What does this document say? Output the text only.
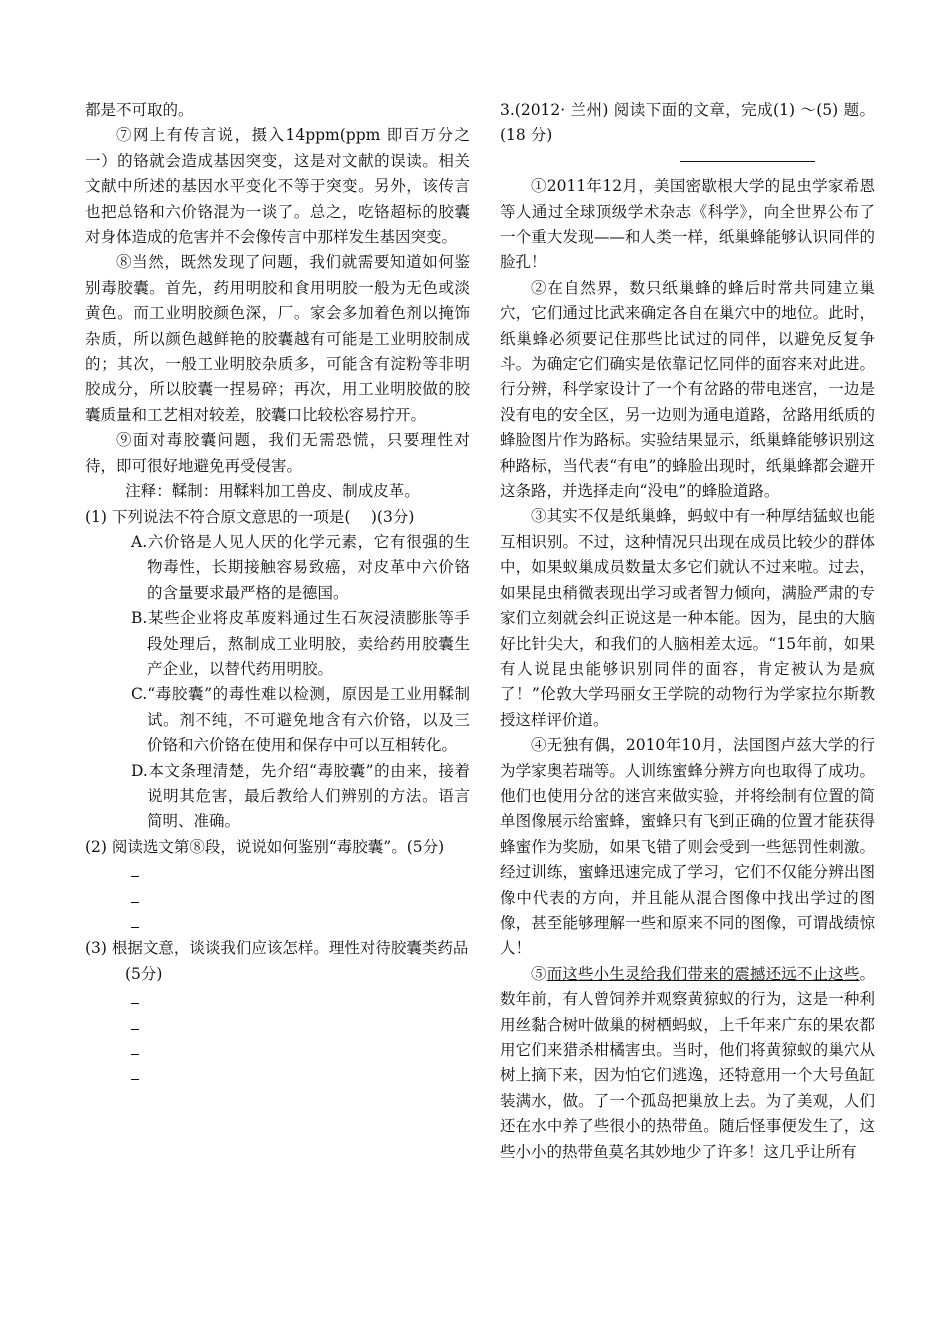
都是不可取的。

⑦网上有传言说，摄入14ppm(ppm 即百万分之一）的铬就会造成基因突变，这是对文献的误读。相关文献中所述的基因水平变化不等于突变。另外，该传言也把总铬和六价铬混为一谈了。总之，吃铬超标的胶囊对身体造成的危害并不会像传言中那样发生基因突变。

⑧当然，既然发现了问题，我们就需要知道如何鉴别毒胶囊。首先，药用明胶和食用明胶一般为无色或淡黄色。而工业明胶颜色深，厂。家会多加着色剂以掩饰杂质，所以颜色越鲜艳的胶囊越有可能是工业明胶制成的；其次，一般工业明胶杂质多，可能含有淀粉等非明胶成分，所以胶囊一捏易碎；再次，用工业明胶做的胶囊质量和工艺相对较差，胶囊口比较松容易拧开。

⑨面对毒胶囊问题，我们无需恐慌，只要理性对待，即可很好地避免再受侵害。

注释：鞣制：用鞣料加工兽皮、制成皮革。

(1) 下列说法不符合原文意思的一项是(　 )(3分)

A.六价铬是人见人厌的化学元素，它有很强的生物毒性，长期接触容易致癌，对皮革中六价铬的含量要求最严格的是德国。

B.某些企业将皮革废料通过生石灰浸渍膨胀等手段处理后，熬制成工业明胶，卖给药用胶囊生产企业，以替代药用明胶。

C.“毒胶囊”的毒性难以检测，原因是工业用鞣制试。剂不纯，不可避免地含有六价铬，以及三价铬和六价铬在使用和保存中可以互相转化。

D.本文条理清楚，先介绍“毒胶囊”的由来，接着说明其危害，最后教给人们辨别的方法。语言简明、准确。

(2) 阅读选文第⑧段，说说如何鉴别“毒胶囊”。(5分)

(3) 根据文意，谈谈我们应该怎样。理性对待胶囊类药品

(5分)

3.(2012· 兰州) 阅读下面的文章，完成(1) ～(5) 题。(18 分)

①2011年12月，美国密歇根大学的昆虫学家希恩等人通过全球顶级学术杂志《科学》，向全世界公布了一个重大发现——和人类一样，纸巢蜂能够认识同伴的脸孔！

②在自然界，数只纸巢蜂的蜂后时常共同建立巢穴，它们通过比武来确定各自在巢穴中的地位。此时，纸巢蜂必须要记住那些比试过的同伴，以避免反复争斗。为确定它们确实是依靠记忆同伴的面容来对此进。行分辨，科学家设计了一个有岔路的带电迷宫，一边是没有电的安全区，另一边则为通电道路，岔路用纸质的蜂脸图片作为路标。实验结果显示，纸巢蜂能够识别这种路标，当代表“有电”的蜂脸出现时，纸巢蜂都会避开这条路，并选择走向“没电”的蜂脸道路。

③其实不仅是纸巢蜂，蚂蚁中有一种厚结猛蚁也能互相识别。不过，这种情况只出现在成员比较少的群体中，如果蚁巢成员数量太多它们就认不过来啦。过去，如果昆虫稍微表现出学习或者智力倾向，满脸严肃的专家们立刻就会纠正说这是一种本能。因为，昆虫的大脑好比针尖大，和我们的人脑相差太远。“15年前，如果有人说昆虫能够识别同伴的面容，肯定被认为是疯了！”伦敦大学玛丽女王学院的动物行为学家拉尔斯教授这样评价道。

④无独有偶，2010年10月，法国图卢兹大学的行为学家奥若瑞等。人训练蜜蜂分辨方向也取得了成功。他们也使用分岔的迷宫来做实验，并将绘制有位置的简单图像展示给蜜蜂，蜜蜂只有飞到正确的位置才能获得蜂蜜作为奖励，如果飞错了则会受到一些惩罚性刺激。经过训练，蜜蜂迅速完成了学习，它们不仅能分辨出图像中代表的方向，并且能从混合图像中找出学过的图像，甚至能够理解一些和原来不同的图像，可谓战绩惊人！

⑤而这些小生灵给我们带来的震撼还远不止这些。数年前，有人曾饲养并观察黄猄蚁的行为，这是一种利用丝黏合树叶做巢的树栖蚂蚁，上千年来广东的果农都用它们来猎杀柑橘害虫。当时，他们将黄猄蚁的巢穴从树上摘下来，因为怕它们逃逸，还特意用一个大号鱼缸装满水，做。了一个孤岛把巢放上去。为了美观，人们还在水中养了些很小的热带鱼。随后怪事便发生了，这些小小的热带鱼莫名其妙地少了许多！这几乎让所有
